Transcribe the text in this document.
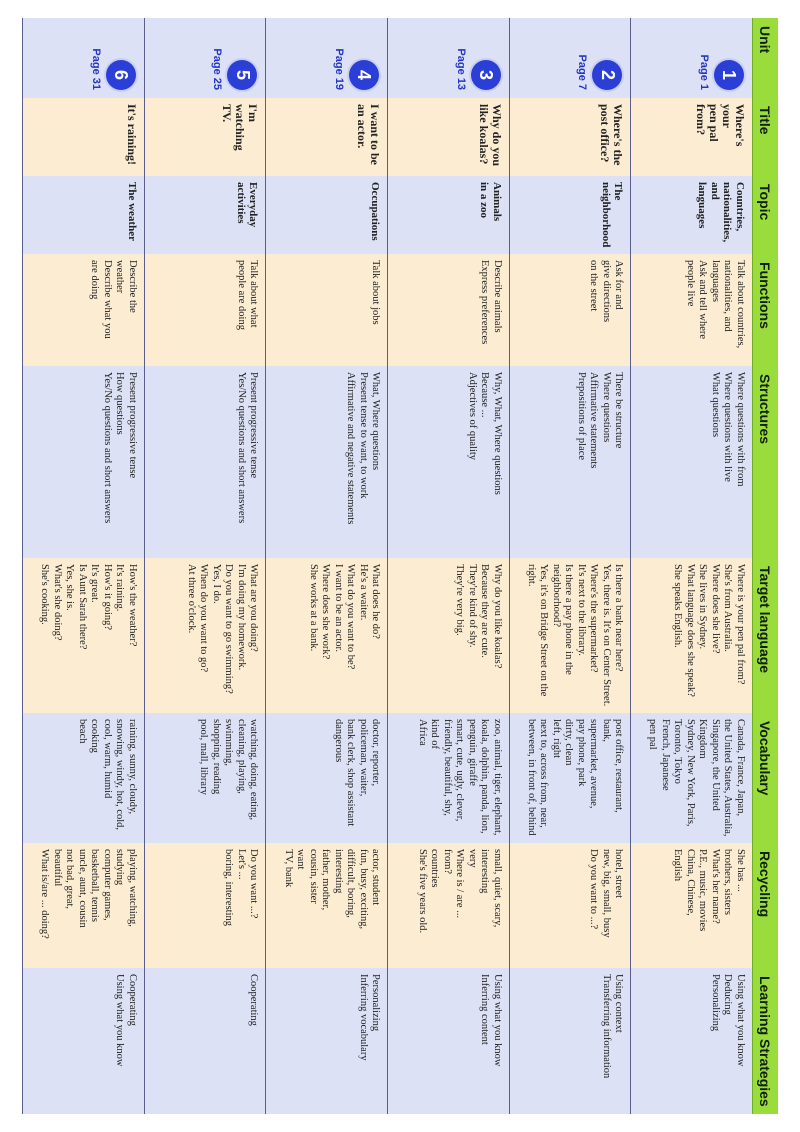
Unit
Title
Topic
Functions
Structures
Target language
Vocabulary
Recycling
Learning Strategies
1
Page 1
Where's
your
pen pal
from?
Countries,
nationalities,
and
languages
Talk about countries,
nationalities, and
languages
Ask and tell where
people live
Where questions with from
Where questions with live
What questions
Where is your pen pal from?
She's from Australia.
Where does she live?
She lives in Sydney.
What language does she speak?
She speaks English.
Canada, France, Japan,
the United States, Australia,
Singapore, the United Kingdom
Sydney, New York, Paris,
Toronto, Tokyo
French, Japanese
pen pal
She has ...
brothers, sisters
What's her name?
P.E., music, movies
China, Chinese,
English
Using what you know
Deducing
Personalizing
2
Page 7
Where's the
post office?
The
neighborhood
Ask for and
give directions
on the street
There be structure
Where questions
Affirmative statements
Prepositions of place
Is there a bank near here?
Yes, there is. It's on Center Street.
Where's the supermarket?
It's next to the library.
Is there a pay phone in the
neighborhood?
Yes, it's on Bridge Street on the
right.
post office, restaurant, bank,
supermarket, avenue,
pay phone, park
dirty, clean
left, right
next to, across from, near,
between, in front of, behind
hotel, street
new, big, small, busy
Do you want to ...?
Using context
Transferring information
3
Page 13
Why do you
like koalas?
Animals
in a zoo
Describe animals
Express preferences
Why, What, Where questions
Because ...
Adjectives of quality
Why do you like koalas?
Because they are cute.
They're kind of shy.
They're very big.
zoo, animal, tiger, elephant,
koala, dolphin, panda, lion,
penguin, giraffe
smart, cute, ugly, clever,
friendly, beautiful, shy, kind of
Africa
small, quiet, scary,
interesting
very
Where is / are ...
from?
countries
She's five years old.
Using what you know
Inferring content
4
Page 19
I want to be
an actor.
Occupations
Talk about jobs
What, Where questions
Present tense to want, to work
Affirmative and negative statements
What does he do?
He's a waiter.
What do you want to be?
I want to be an actor.
Where does she work?
She works at a bank.
doctor, reporter,
policeman, waiter,
bank clerk, shop assistant
dangerous
actor, student
fun, busy, exciting,
difficult, boring,
interesting
father, mother,
cousin, sister
want
TV, bank
Personalizing
Inferring vocabulary
5
Page 25
I'm
watching TV.
Everyday
activities
Talk about what
people are doing
Present progressive tense
Yes/No questions and short answers
What are you doing?
I'm doing my homework.
Do you want to go swimming?
Yes, I do.
When do you want to go?
At three o'clock.
watching, doing, eating,
cleaning, playing, swimming,
shopping, reading
pool, mall, library
Do you want ...?
Let's ...
boring, interesting
Cooperating
6
Page 31
It's raining!
The weather
Describe the
weather
Describe what you
are doing
Present progressive tense
How questions
Yes/No questions and short answers
How's the weather?
It's raining.
How's it going?
It's great.
Is Aunt Sarah there?
Yes, she is.
What's she doing?
She's cooking.
raining, sunny, cloudy,
snowing, windy, hot, cold,
cool, warm, humid
cooking
beach
playing, watching,
studying
computer games,
basketball, tennis
uncle, aunt, cousin
not bad, great,
beautiful
What is/are ... doing?
Cooperating
Using what you know
